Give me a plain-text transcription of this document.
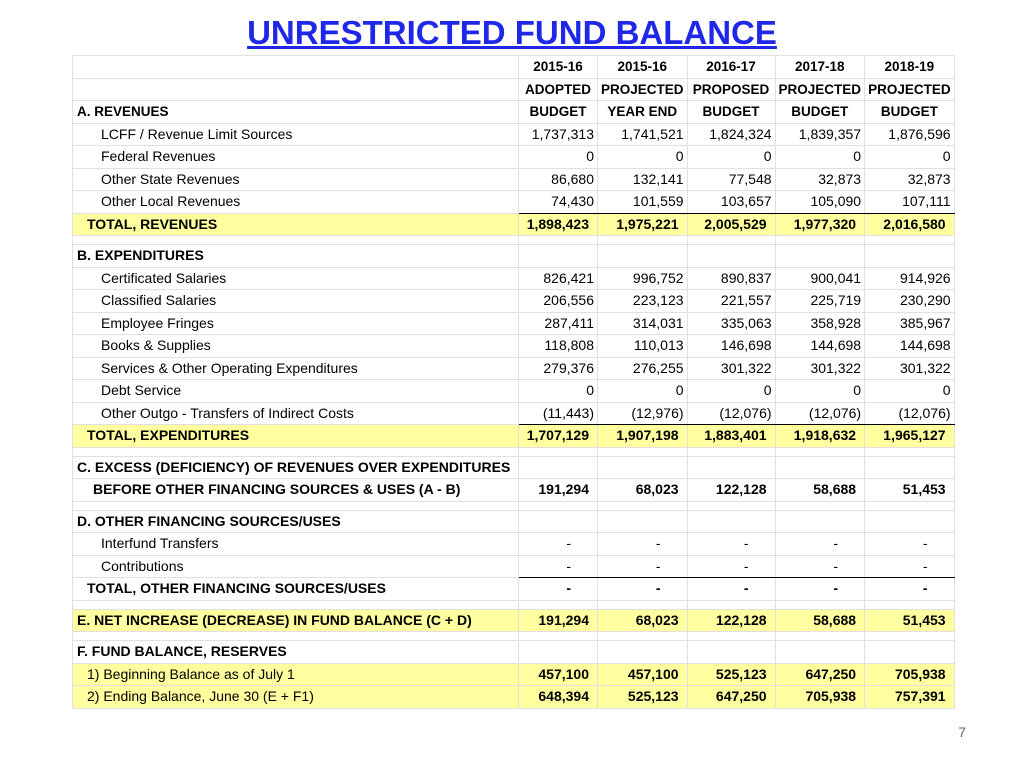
UNRESTRICTED FUND BALANCE
	2015-16	2015-16	2016-17	2017-18	2018-19
	ADOPTED	PROJECTED	PROPOSED	PROJECTED	PROJECTED
A. REVENUES	BUDGET	YEAR END	BUDGET	BUDGET	BUDGET
LCFF / Revenue Limit Sources	1,737,313	1,741,521	1,824,324	1,839,357	1,876,596
Federal Revenues	0	0	0	0	0
Other State Revenues	86,680	132,141	77,548	32,873	32,873
Other Local Revenues	74,430	101,559	103,657	105,090	107,111
TOTAL, REVENUES	1,898,423	1,975,221	2,005,529	1,977,320	2,016,580

B. EXPENDITURES					
Certificated Salaries	826,421	996,752	890,837	900,041	914,926
Classified Salaries	206,556	223,123	221,557	225,719	230,290
Employee Fringes	287,411	314,031	335,063	358,928	385,967
Books & Supplies	118,808	110,013	146,698	144,698	144,698
Services & Other Operating Expenditures	279,376	276,255	301,322	301,322	301,322
Debt Service	0	0	0	0	0
Other Outgo - Transfers of Indirect Costs	(11,443)	(12,976)	(12,076)	(12,076)	(12,076)
TOTAL, EXPENDITURES	1,707,129	1,907,198	1,883,401	1,918,632	1,965,127

C. EXCESS (DEFICIENCY) OF REVENUES OVER EXPENDITURES					
BEFORE OTHER FINANCING SOURCES & USES (A - B)	191,294	68,023	122,128	58,688	51,453

D. OTHER FINANCING SOURCES/USES					
Interfund Transfers	-	-	-	-	-
Contributions	-	-	-	-	-
TOTAL, OTHER FINANCING SOURCES/USES	-	-	-	-	-

E. NET INCREASE (DECREASE) IN FUND BALANCE (C + D)	191,294	68,023	122,128	58,688	51,453

F. FUND BALANCE, RESERVES					
1) Beginning Balance as of July 1	457,100	457,100	525,123	647,250	705,938
2) Ending Balance, June 30 (E + F1)	648,394	525,123	647,250	705,938	757,391
7
